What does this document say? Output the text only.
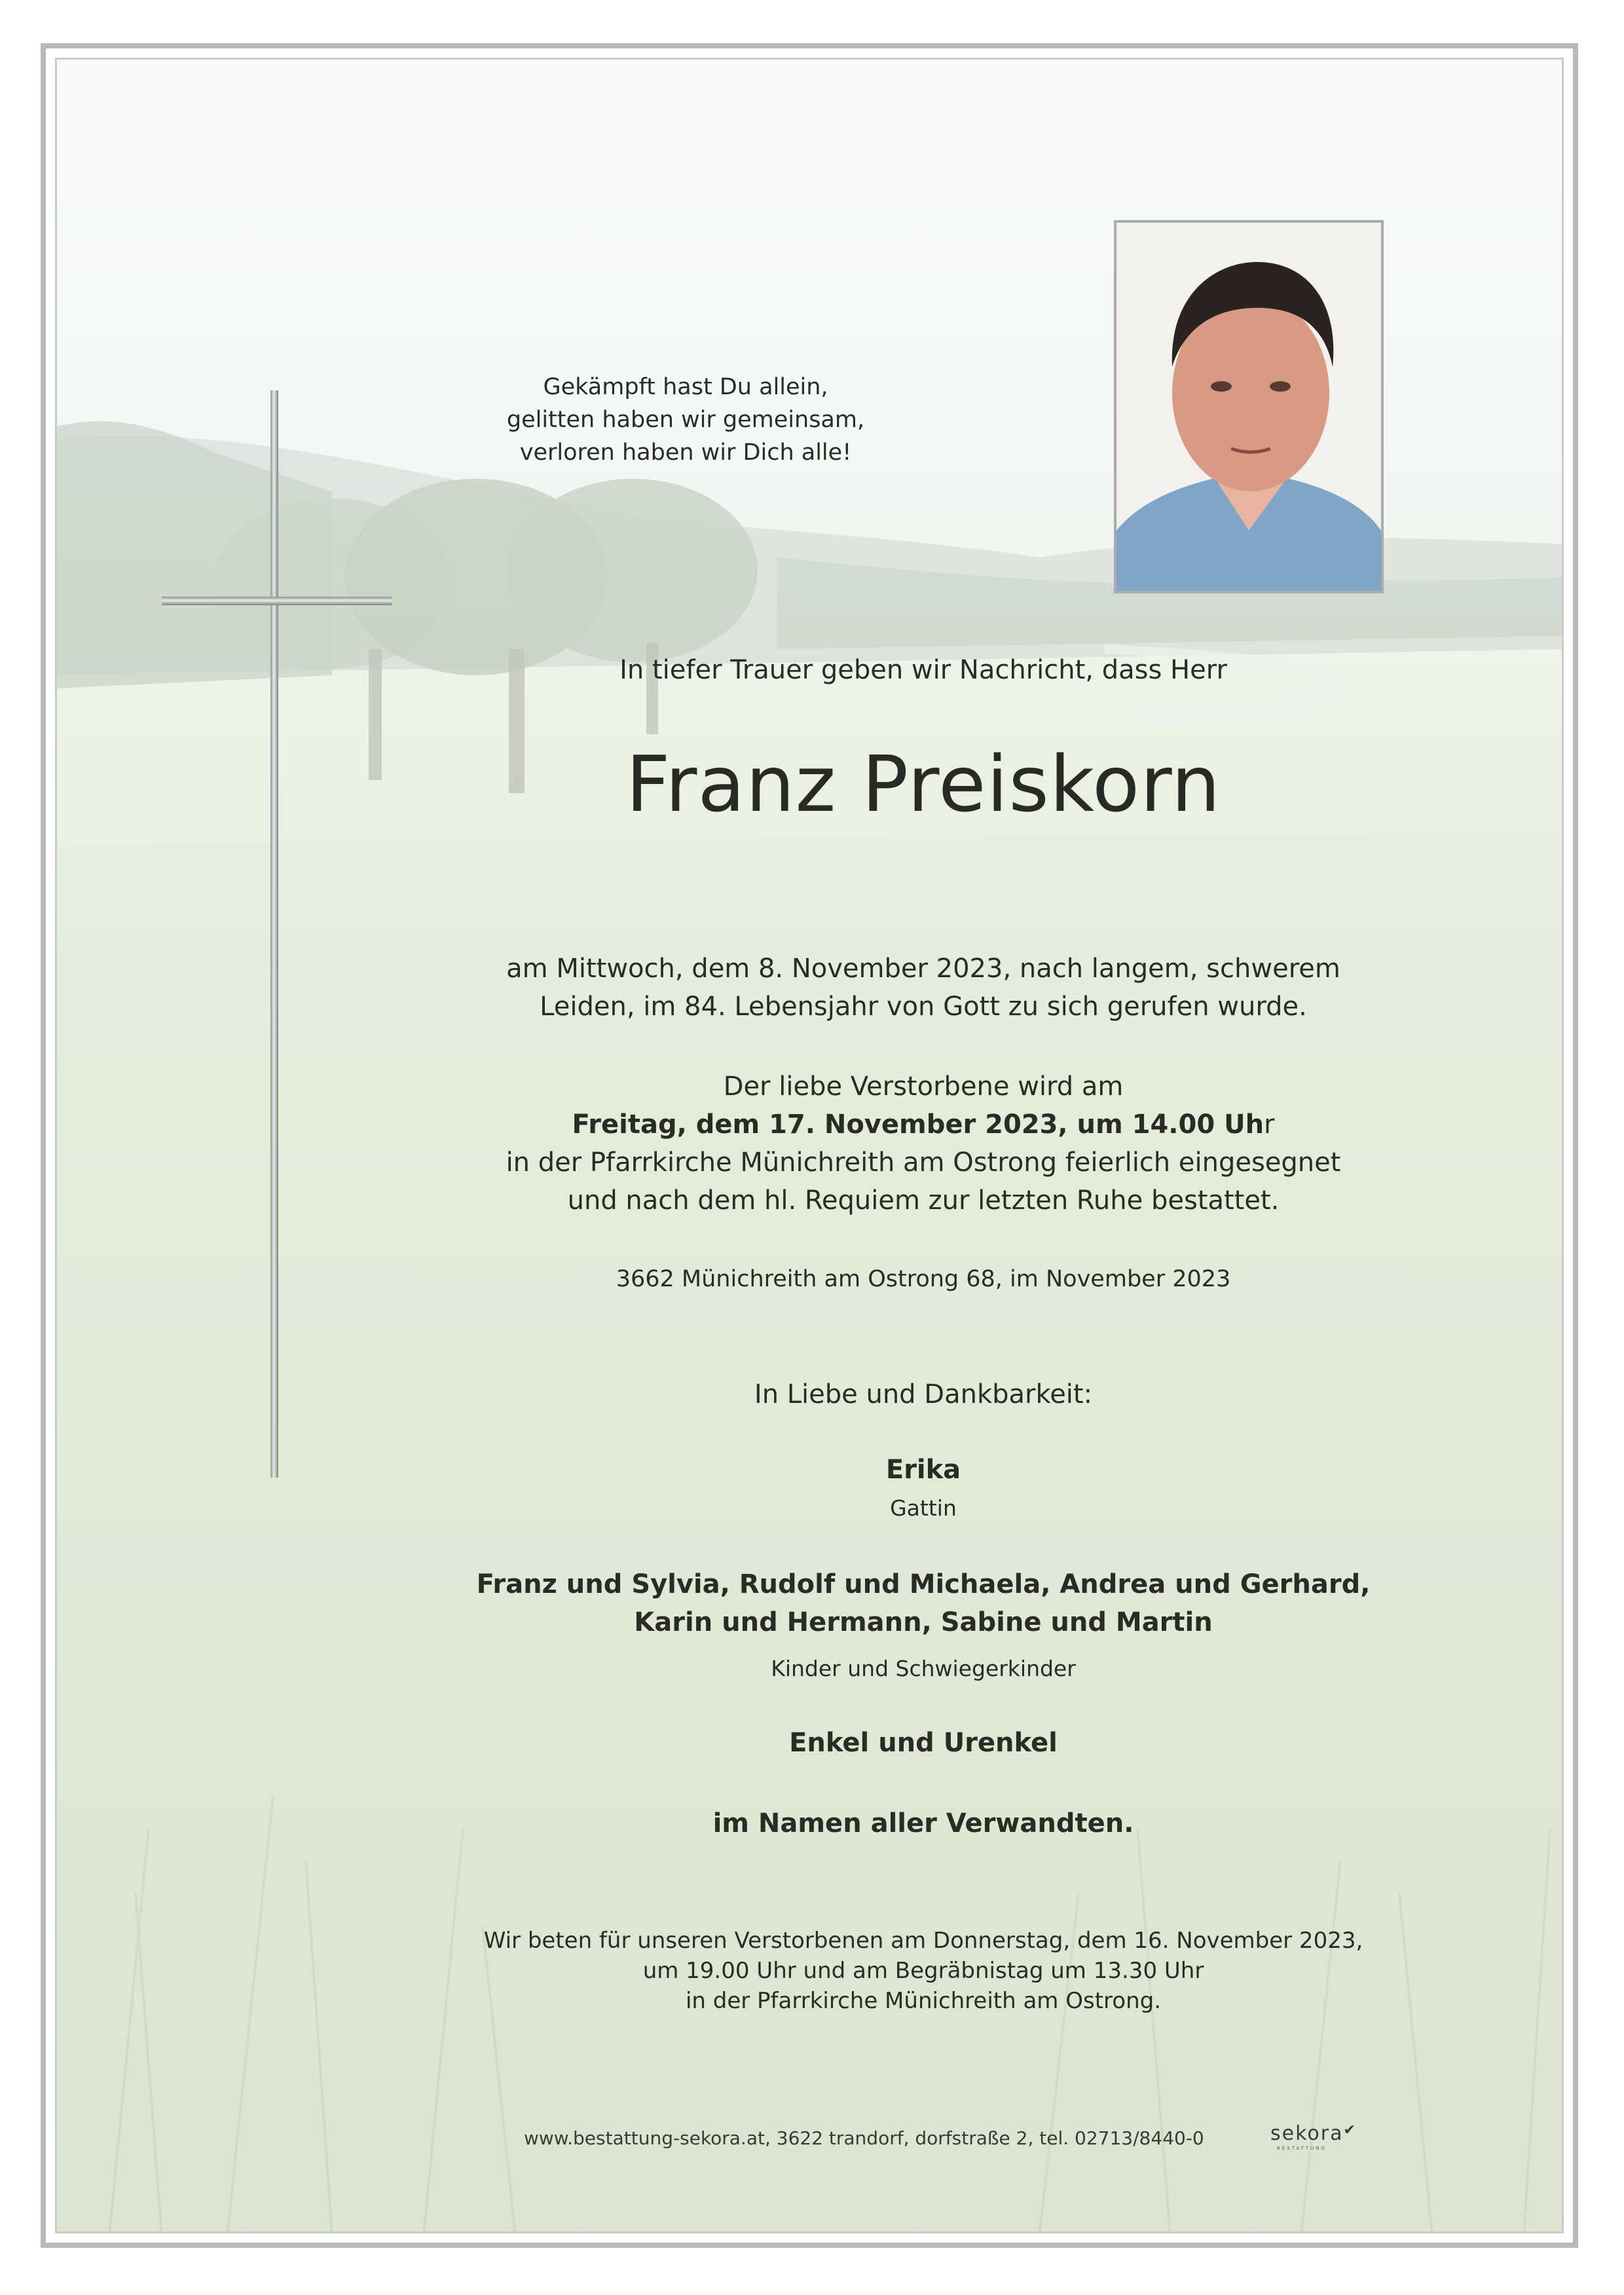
Gekämpft hast Du allein,
gelitten haben wir gemeinsam,
verloren haben wir Dich alle!
In tiefer Trauer geben wir Nachricht, dass Herr
Franz Preiskorn
am Mittwoch, dem 8. November 2023, nach langem, schwerem
Leiden, im 84. Lebensjahr von Gott zu sich gerufen wurde.
Der liebe Verstorbene wird am
Freitag, dem 17. November 2023, um 14.00 Uhr
in der Pfarrkirche Münichreith am Ostrong feierlich eingesegnet
und nach dem hl. Requiem zur letzten Ruhe bestattet.
3662 Münichreith am Ostrong 68, im November 2023
In Liebe und Dankbarkeit:
Erika
Gattin
Franz und Sylvia, Rudolf und Michaela, Andrea und Gerhard,
Karin und Hermann, Sabine und Martin
Kinder und Schwiegerkinder
Enkel und Urenkel
im Namen aller Verwandten.
Wir beten für unseren Verstorbenen am Donnerstag, dem 16. November 2023,
um 19.00 Uhr und am Begräbnistag um 13.30 Uhr
in der Pfarrkirche Münichreith am Ostrong.
www.bestattung-sekora.at, 3622 trandorf, dorfstraße 2, tel. 02713/8440-0	sekora✔
BESTATTUNG
